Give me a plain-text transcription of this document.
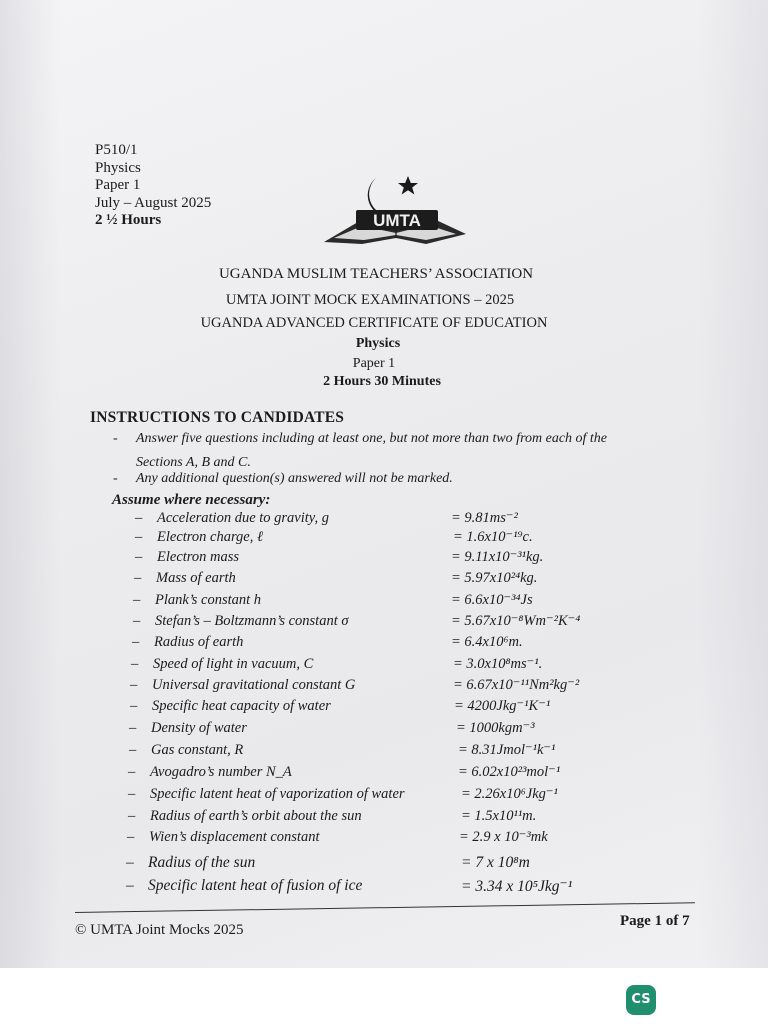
P510/1
Physics
Paper 1
July – August 2025
2 ½ Hours	UMTA
UGANDA MUSLIM TEACHERS’ ASSOCIATION
UMTA JOINT MOCK EXAMINATIONS – 2025
UGANDA ADVANCED CERTIFICATE OF EDUCATION
Physics
Paper 1
2 Hours 30 Minutes
INSTRUCTIONS TO CANDIDATES
- Answer five questions including at least one, but not more than two from each of the
Sections A, B and C.
- Any additional question(s) answered will not be marked.
Assume where necessary:
– Acceleration due to gravity, g	= 9.81ms⁻²
– Electron charge, ℓ	= 1.6x10⁻¹⁹c.
– Electron mass	= 9.11x10⁻³¹kg.
– Mass of earth	= 5.97x10²⁴kg.
– Plank’s constant h	= 6.6x10⁻³⁴Js
– Stefan’s – Boltzmann’s constant σ	= 5.67x10⁻⁸Wm⁻²K⁻⁴
– Radius of earth	= 6.4x10⁶m.
– Speed of light in vacuum, C	= 3.0x10⁸ms⁻¹.
– Universal gravitational constant G	= 6.67x10⁻¹¹Nm²kg⁻²
– Specific heat capacity of water	= 4200Jkg⁻¹K⁻¹
– Density of water	= 1000kgm⁻³
– Gas constant, R	= 8.31Jmol⁻¹k⁻¹
– Avogadro’s number N_A	= 6.02x10²³mol⁻¹
– Specific latent heat of vaporization of water	= 2.26x10⁶Jkg⁻¹
– Radius of earth’s orbit about the sun	= 1.5x10¹¹m.
– Wien’s displacement constant	= 2.9 x 10⁻³mk
– Radius of the sun	= 7 x 10⁸m
– Specific latent heat of fusion of ice	= 3.34 x 10⁵Jkg⁻¹
© UMTA Joint Mocks 2025
Page 1 of 7
CS
